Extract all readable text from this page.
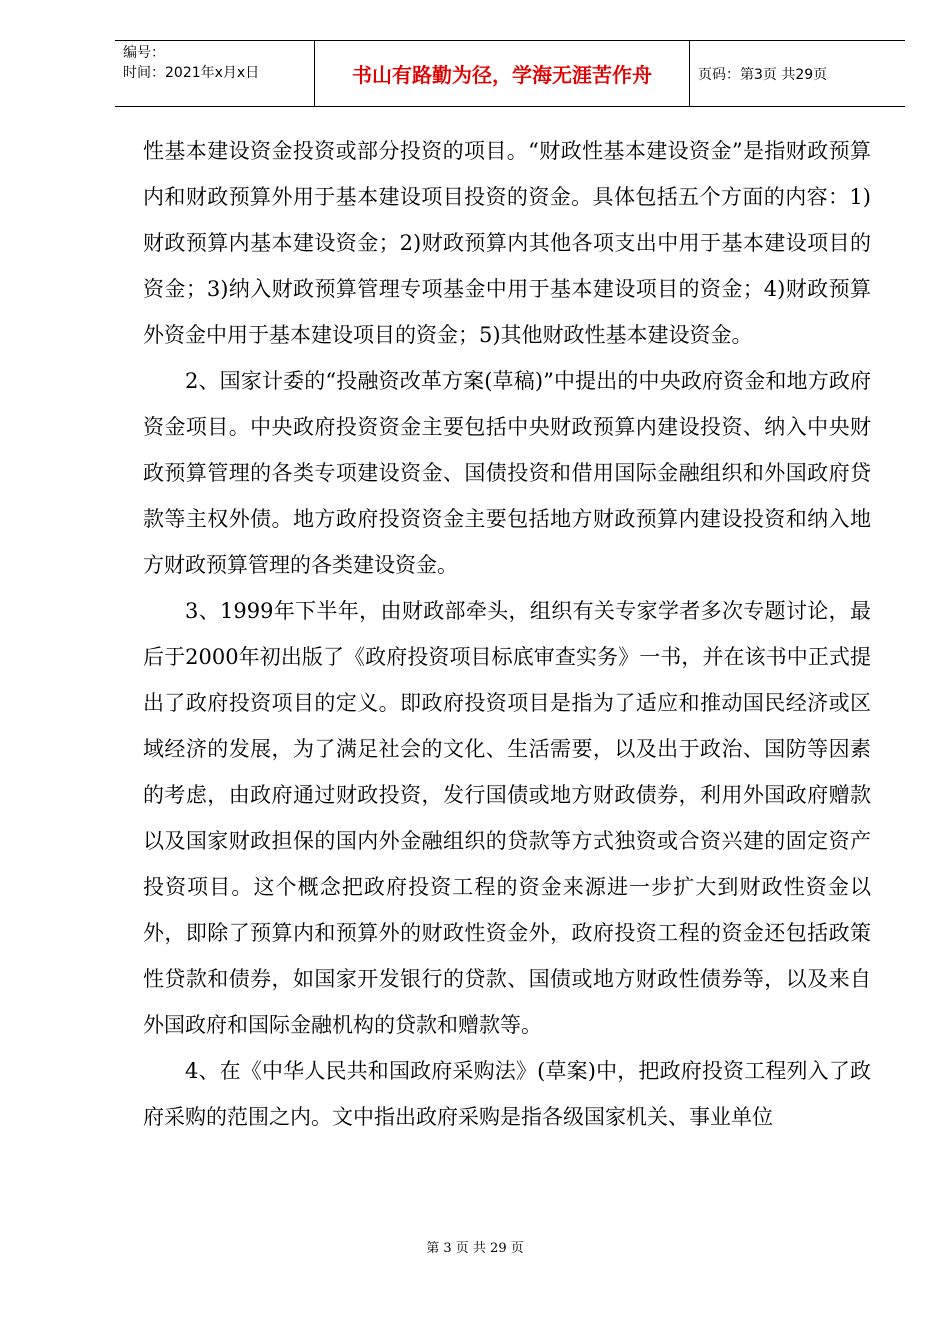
编号：
时间：2021年x月x日	书山有路勤为径，学海无涯苦作舟	页码：第3页 共29页

性基本建设资金投资或部分投资的项目。“财政性基本建设资金”是指财政预算内和财政预算外用于基本建设项目投资的资金。具体包括五个方面的内容：1)财政预算内基本建设资金；2)财政预算内其他各项支出中用于基本建设项目的资金；3)纳入财政预算管理专项基金中用于基本建设项目的资金；4)财政预算外资金中用于基本建设项目的资金；5)其他财政性基本建设资金。

2、国家计委的“投融资改革方案(草稿)”中提出的中央政府资金和地方政府资金项目。中央政府投资资金主要包括中央财政预算内建设投资、纳入中央财政预算管理的各类专项建设资金、国债投资和借用国际金融组织和外国政府贷款等主权外债。地方政府投资资金主要包括地方财政预算内建设投资和纳入地方财政预算管理的各类建设资金。

3、1999年下半年，由财政部牵头，组织有关专家学者多次专题讨论，最后于2000年初出版了《政府投资项目标底审查实务》一书，并在该书中正式提出了政府投资项目的定义。即政府投资项目是指为了适应和推动国民经济或区域经济的发展，为了满足社会的文化、生活需要，以及出于政治、国防等因素的考虑，由政府通过财政投资，发行国债或地方财政债券，利用外国政府赠款以及国家财政担保的国内外金融组织的贷款等方式独资或合资兴建的固定资产投资项目。这个概念把政府投资工程的资金来源进一步扩大到财政性资金以外，即除了预算内和预算外的财政性资金外，政府投资工程的资金还包括政策性贷款和债券，如国家开发银行的贷款、国债或地方财政性债券等，以及来自外国政府和国际金融机构的贷款和赠款等。

4、在《中华人民共和国政府采购法》(草案)中，把政府投资工程列入了政府采购的范围之内。文中指出政府采购是指各级国家机关、事业单位

第 3 页 共 29 页
